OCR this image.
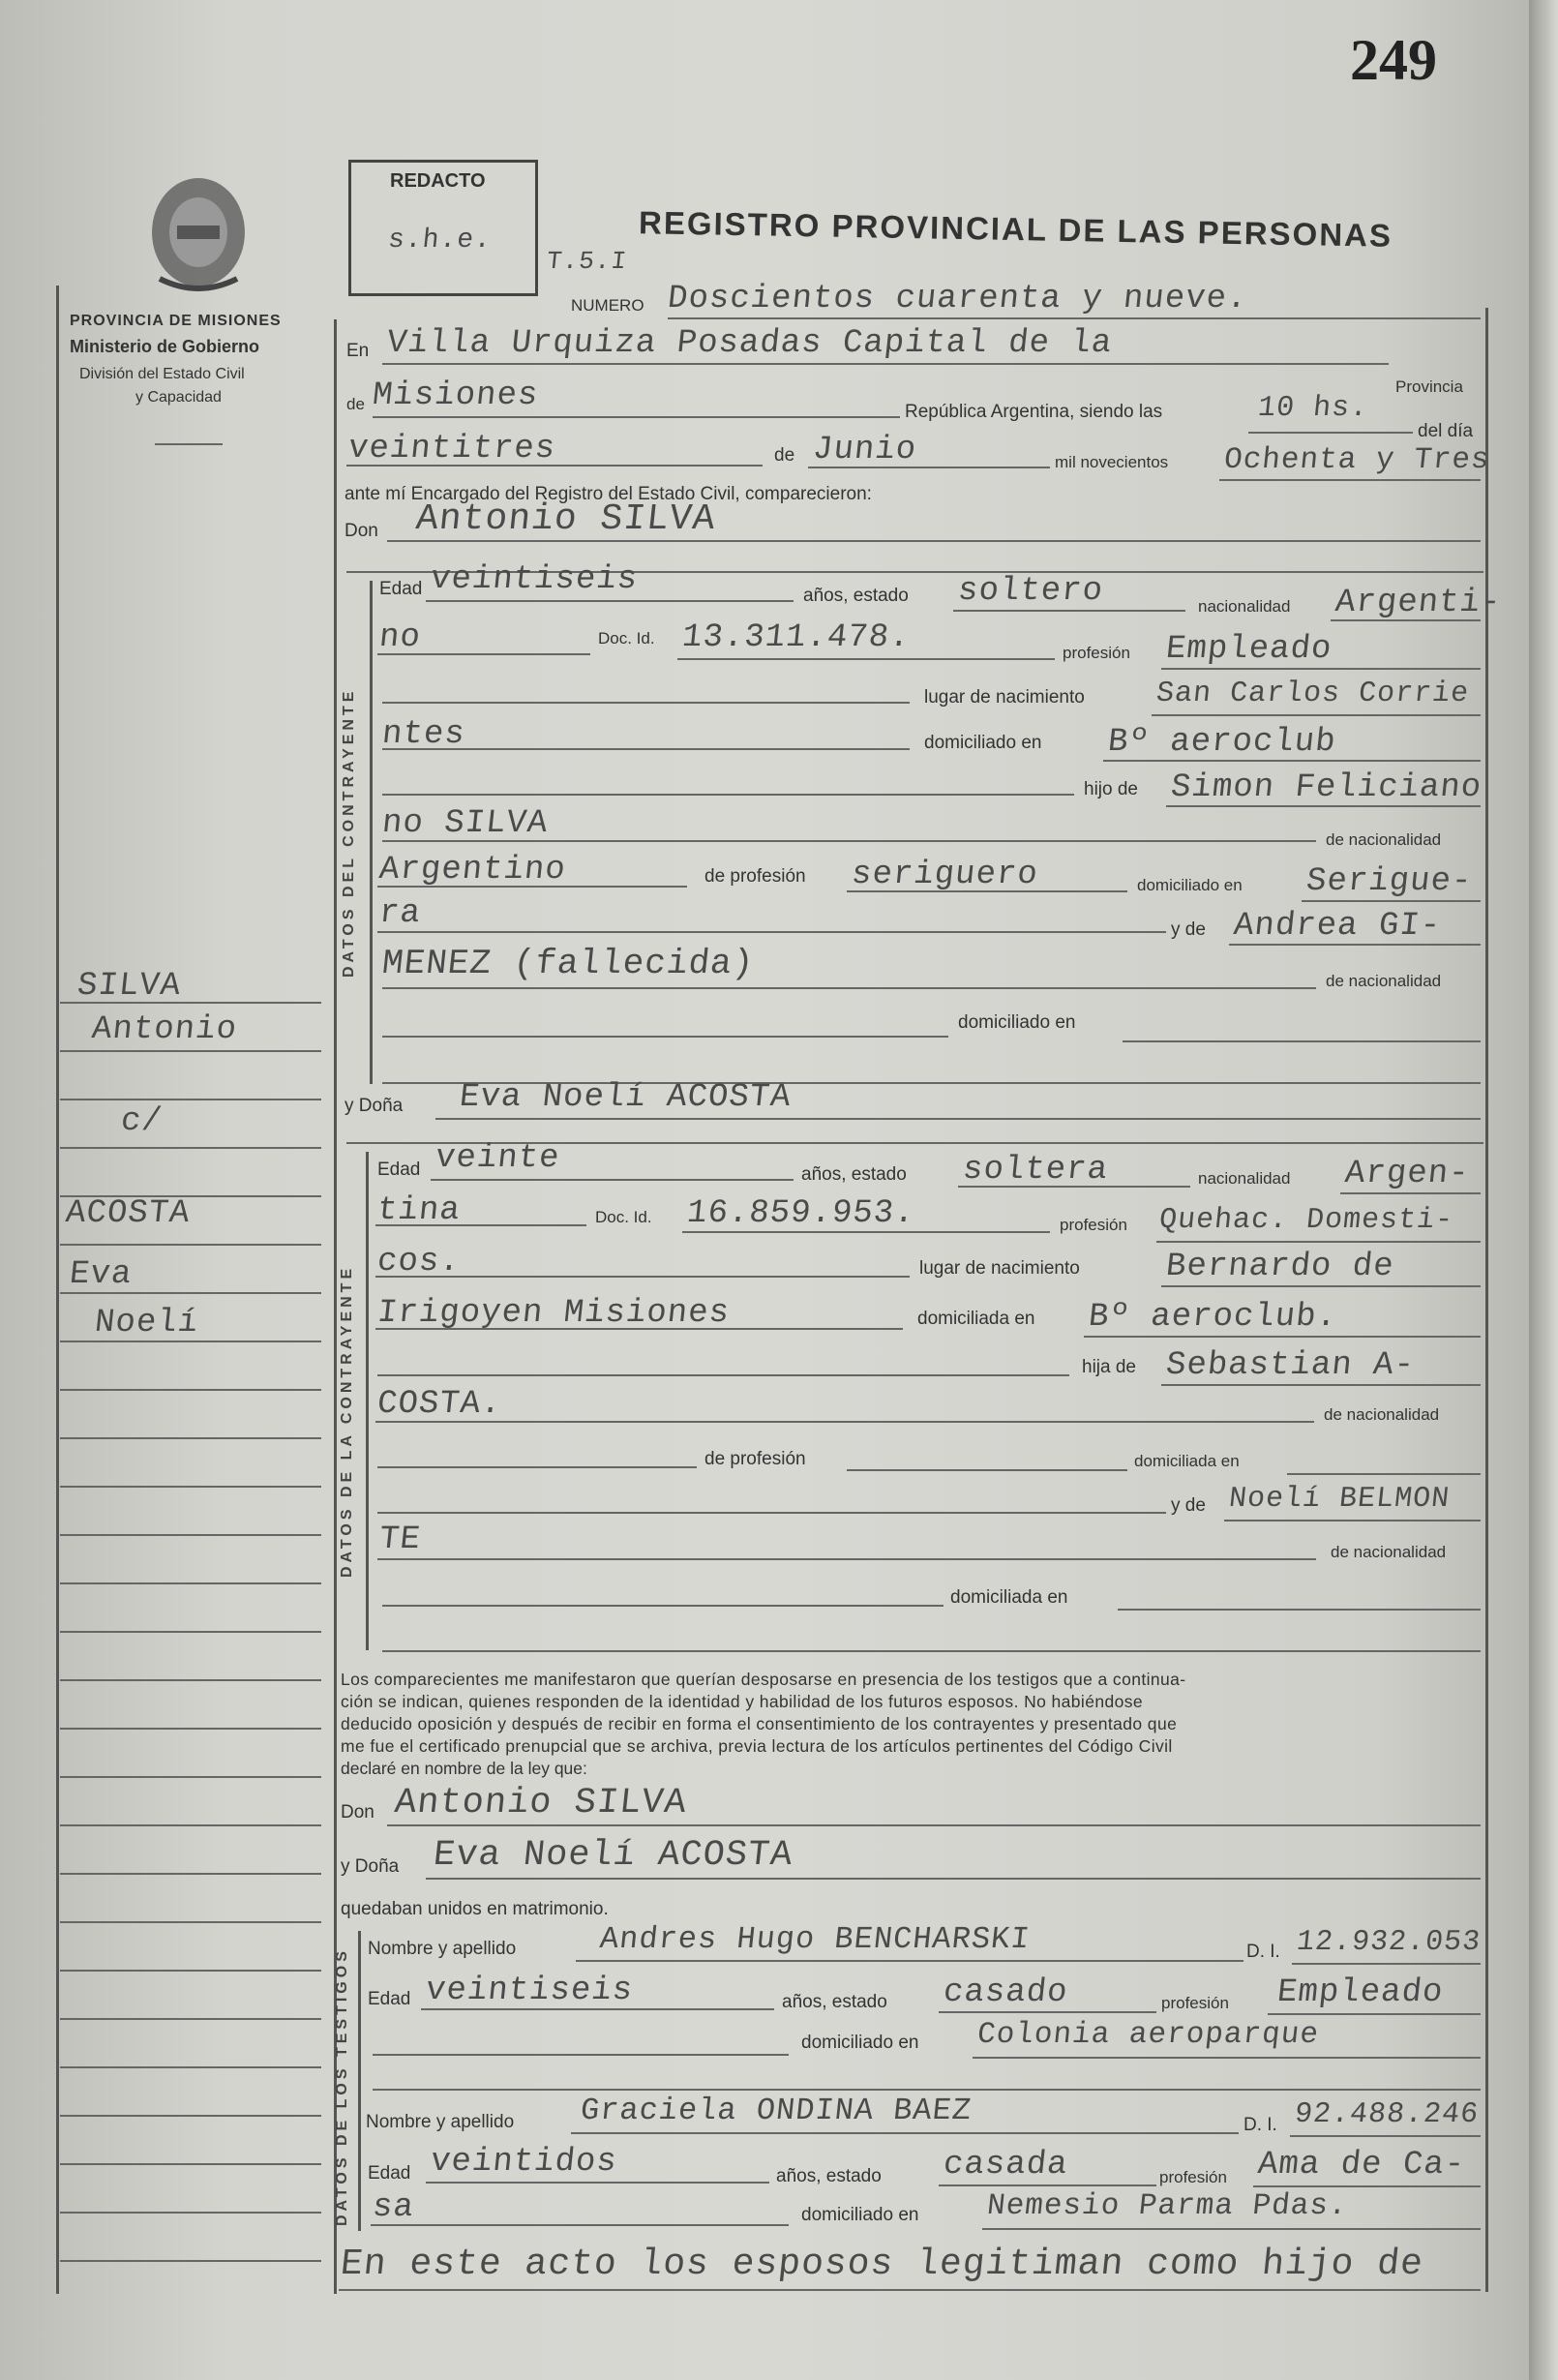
249
PROVINCIA DE MISIONES
Ministerio de Gobierno
División del Estado Civil
y Capacidad
REDACTO
s.h.e.
T.5.I
REGISTRO PROVINCIAL DE LAS PERSONAS
SILVA
Antonio
c/
ACOSTA
Eva
Noelí
NUMERO Doscientos cuarenta y nueve.
En Villa Urquiza Posadas Capital de la
Provincia
de Misiones	República Argentina, siendo las	10 hs.
del día
veintitres	de Junio	mil novecientos Ochenta y Tres
ante mí Encargado del Registro del Estado Civil, comparecieron:
Don Antonio SILVA
DATOS DEL CONTRAYENTE
Edad veintiseis	años, estado soltero	nacionalidad Argenti-
no	Doc. Id. 13.311.478.	profesión Empleado
lugar de nacimiento San Carlos Corrie
ntes	domiciliado en Bº aeroclub
hijo de Simon Feliciano
no SILVA	de nacionalidad
Argentino	de profesión seriguero	domiciliado en Serigue-
ra	y de Andrea GI-
MENEZ (fallecida)	de nacionalidad
domiciliado en
y Doña Eva Noelí ACOSTA
DATOS DE LA CONTRAYENTE
Edad veinte	años, estado soltera	nacionalidad Argen-
tina	Doc. Id. 16.859.953.	profesión Quehac. Domesti-
cos.	lugar de nacimiento	Bernardo de
Irigoyen Misiones	domiciliada en Bº aeroclub.
hija de Sebastian A-
COSTA.	de nacionalidad
de profesión	domiciliada en
y de Noelí BELMON
TE	de nacionalidad
domiciliada en
Los comparecientes me manifestaron que querían desposarse en presencia de los testigos que a continua-
ción se indican, quienes responden de la identidad y habilidad de los futuros esposos. No habiéndose
deducido oposición y después de recibir en forma el consentimiento de los contrayentes y presentado que
me fue el certificado prenupcial que se archiva, previa lectura de los artículos pertinentes del Código Civil
declaré en nombre de la ley que:
Don Antonio SILVA
y Doña Eva Noelí ACOSTA
quedaban unidos en matrimonio.
DATOS DE LOS TESTIGOS Nombre y apellido	Andres Hugo BENCHARSKI	D. I. 12.932.053
Edad veintiseis	años, estado casado	profesión Empleado
domiciliado en Colonia aeroparque
Nombre y apellido Graciela ONDINA BAEZ	D. I. 92.488.246
Edad veintidos	años, estado casada	profesión Ama de Ca-
sa	domiciliado en Nemesio Parma Pdas.
En este acto los esposos legitiman como hijo de
